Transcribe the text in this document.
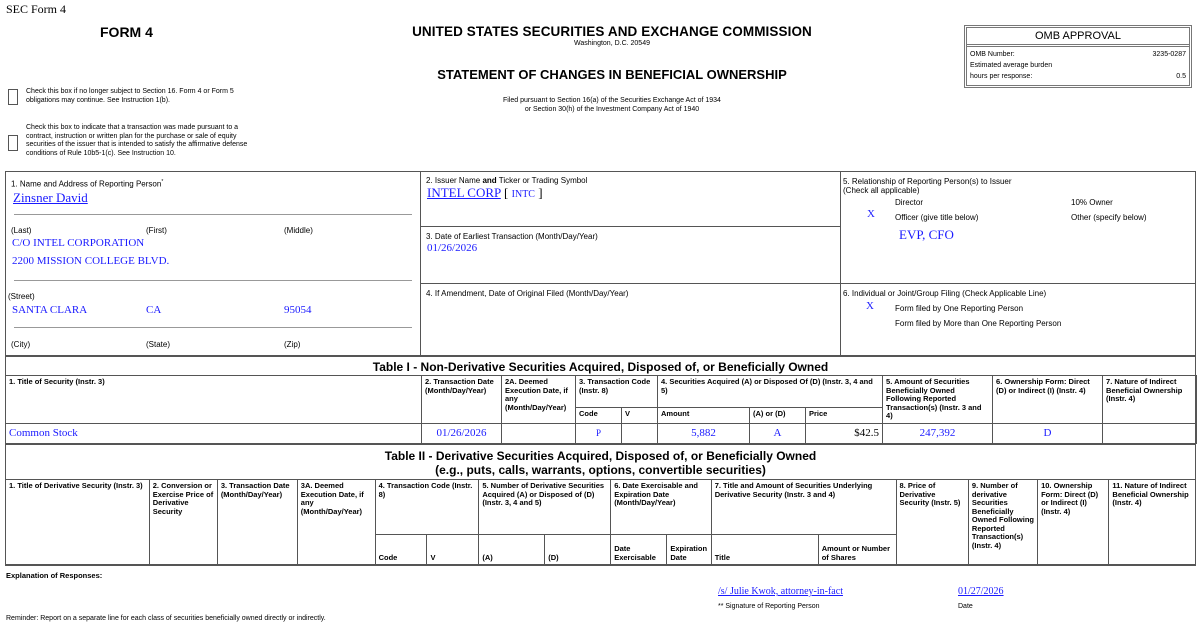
SEC Form 4
FORM 4
Check this box if no longer subject to Section 16. Form 4 or Form 5 obligations may continue. See Instruction 1(b).
Check this box to indicate that a transaction was made pursuant to a contract, instruction or written plan for the purchase or sale of equity securities of the issuer that is intended to satisfy the affirmative defense conditions of Rule 10b5-1(c). See Instruction 10.
UNITED STATES SECURITIES AND EXCHANGE COMMISSION
Washington, D.C. 20549
STATEMENT OF CHANGES IN BENEFICIAL OWNERSHIP
Filed pursuant to Section 16(a) of the Securities Exchange Act of 1934
or Section 30(h) of the Investment Company Act of 1940
OMB APPROVAL
OMB Number:	3235-0287
Estimated average burden
hours per response:	0.5
1. Name and Address of Reporting Person*
Zinsner David
(Last)	(First)	(Middle)
C/O INTEL CORPORATION
2200 MISSION COLLEGE BLVD.
(Street)
SANTA CLARA	CA	95054
(City)	(State)	(Zip)
2. Issuer Name and Ticker or Trading Symbol
INTEL CORP [ INTC ]
3. Date of Earliest Transaction (Month/Day/Year)
01/26/2026
4. If Amendment, Date of Original Filed (Month/Day/Year)
5. Relationship of Reporting Person(s) to Issuer
(Check all applicable)
Director	10% Owner
X	Officer (give title below)	Other (specify below)
EVP, CFO
6. Individual or Joint/Group Filing (Check Applicable Line)
X	Form filed by One Reporting Person
Form filed by More than One Reporting Person
Table I - Non-Derivative Securities Acquired, Disposed of, or Beneficially Owned
1. Title of Security (Instr. 3)	2. Transaction Date (Month/Day/Year)	2A. Deemed Execution Date, if any (Month/Day/Year)	3. Transaction Code (Instr. 8)		4. Securities Acquired (A) or Disposed Of (D) (Instr. 3, 4 and 5)			5. Amount of Securities Beneficially Owned Following Reported Transaction(s) (Instr. 3 and 4)	6. Ownership Form: Direct (D) or Indirect (I) (Instr. 4)	7. Nature of Indirect Beneficial Ownership (Instr. 4)
			Code	V	Amount	(A) or (D)	Price			
Common Stock	01/26/2026		P		5,882	A	$42.5	247,392	D	
Table II - Derivative Securities Acquired, Disposed of, or Beneficially Owned
(e.g., puts, calls, warrants, options, convertible securities)
1. Title of Derivative Security (Instr. 3)	2. Conversion or Exercise Price of Derivative Security	3. Transaction Date (Month/Day/Year)	3A. Deemed Execution Date, if any (Month/Day/Year)	4. Transaction Code (Instr. 8)		5. Number of Derivative Securities Acquired (A) or Disposed of (D) (Instr. 3, 4 and 5)		6. Date Exercisable and Expiration Date (Month/Day/Year)		7. Title and Amount of Securities Underlying Derivative Security (Instr. 3 and 4)		8. Price of Derivative Security (Instr. 5)	9. Number of derivative Securities Beneficially Owned Following Reported Transaction(s) (Instr. 4)	10. Ownership Form: Direct (D) or Indirect (I) (Instr. 4)	11. Nature of Indirect Beneficial Ownership (Instr. 4)
				Code	V	(A)	(D)	Date Exercisable	Expiration Date	Title	Amount or Number of Shares				
Explanation of Responses:
/s/ Julie Kwok, attorney-in-fact
** Signature of Reporting Person
01/27/2026
Date
Reminder: Report on a separate line for each class of securities beneficially owned directly or indirectly.
